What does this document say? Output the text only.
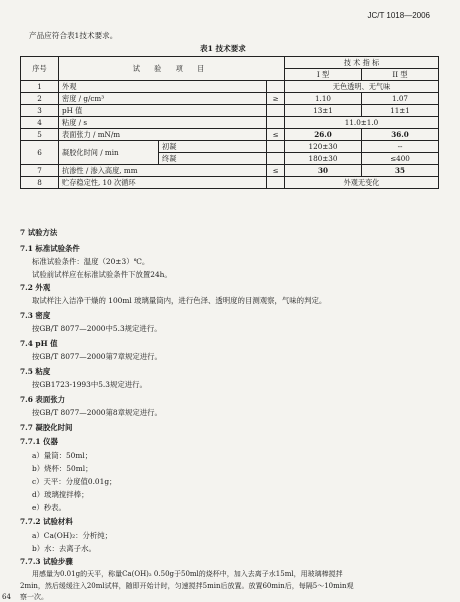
JC/T 1018—2006
产品应符合表1技术要求。
表1 技术要求
序号	试 验 项 目			技 术 指 标	
				I 型	II 型
1	外观			无色透明、无气味	
2	密度 / g/cm³		≥	1.10	1.07
3	pH 值			13±1	11±1
4	粘度 / s			11.0±1.0	
5	表面张力 / mN/m		≤	26.0	36.0
6	凝胶化时间 / min	初凝		120±30	--
		终凝		180±30	≤400
7	抗渗性 / 渗入高度, mm		≤	30	35
8	贮存稳定性, 10 次循环			外观无变化	
7 试验方法
7.1 标准试验条件
标准试验条件：温度（20±3）℃。
试验前试样应在标准试验条件下放置24h。
7.2 外观
取试样注入洁净干燥的 100ml 玻璃量筒内，进行色泽、透明度的目测观察，气味的判定。
7.3 密度
按GB/T 8077—2000中5.3规定进行。
7.4 pH 值
按GB/T 8077—2000第7章规定进行。
7.5 粘度
按GB1723-1993中5.3规定进行。
7.6 表面张力
按GB/T 8077—2000第8章规定进行。
7.7 凝胶化时间
7.7.1 仪器
a）量筒：50ml；
b）烧杯：50ml；
c）天平：分度值0.01g；
d）玻璃搅拌棒；
e）秒表。
7.7.2 试验材料
a）Ca(OH)₂：分析纯；
b）水：去离子水。
7.7.3 试验步骤
用感量为0.01g的天平，称量Ca(OH)₂ 0.50g于50ml的烧杯中，加入去离子水15ml，用玻璃棒搅拌
2min，然后缓缓注入20ml试样，随即开始计时，匀速搅拌5min后放置。放置60min后，每隔5～10min观
察一次。
64
